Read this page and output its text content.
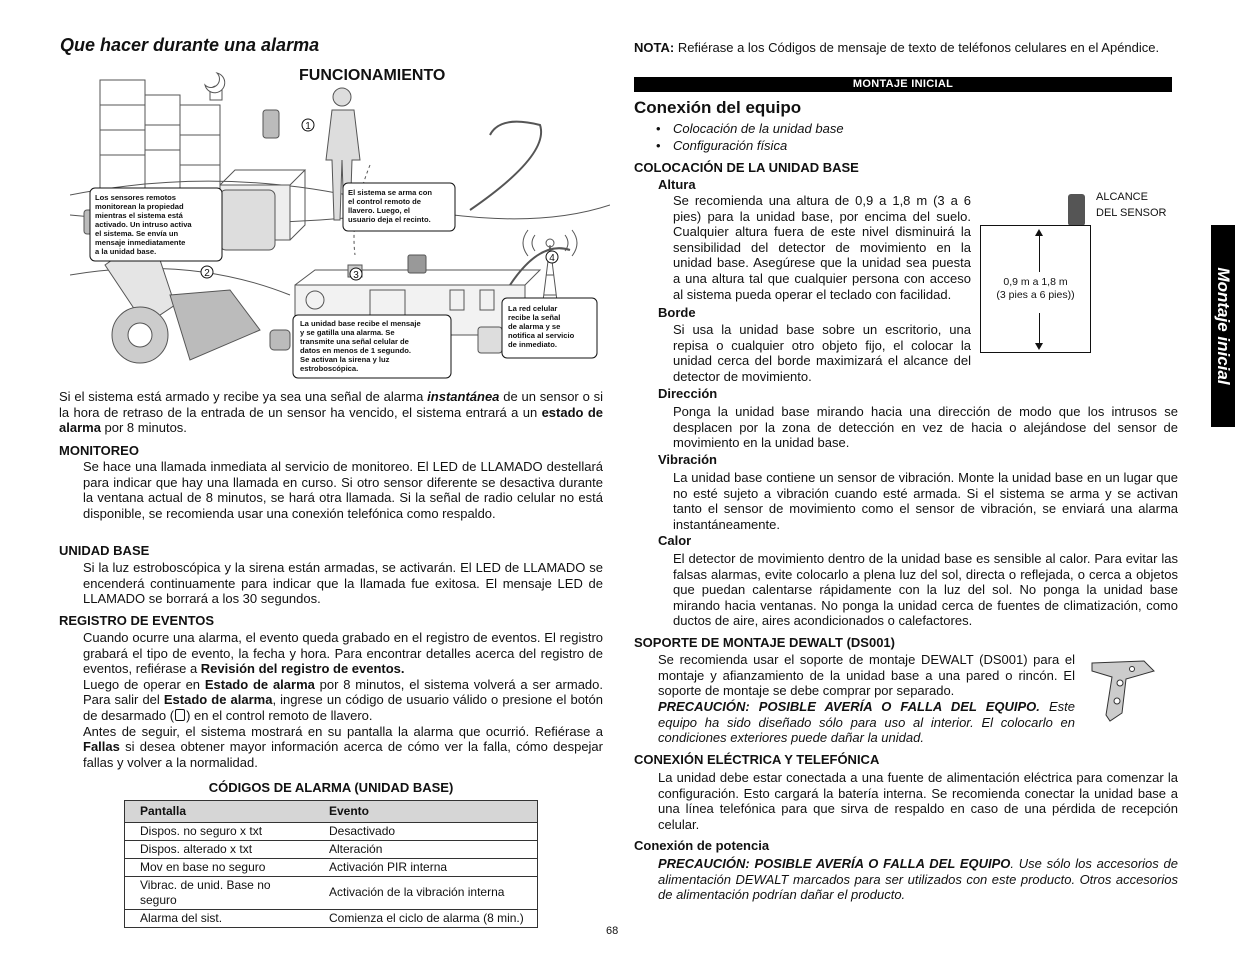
Que hacer durante una alarma
FUNCIONAMIENTO
1
2	3
4
Los sensores remotos
monitorean la propiedad
mientras el sistema está
activado. Un intruso activa
el sistema. Se envía un
mensaje inmediatamente
a la unidad base.
El sistema se arma con
el control remoto de
llavero. Luego, el
usuario deja el recinto.
La unidad base recibe el mensaje
y se gatilla una alarma. Se
transmite una señal celular de
datos en menos de 1 segundo.
Se activan la sirena y luz
estroboscópica.
La red celular
recibe la señal
de alarma y se
notifica al servicio
de inmediato.

Si el sistema está armado y recibe ya sea una señal de alarma instantánea de un sensor o si la hora de retraso de la entrada de un sensor ha vencido, el sistema entrará a un estado de alarma por 8 minutos.

MONITOREO

Se hace una llamada inmediata al servicio de monitoreo. El LED de LLAMADO destellará para indicar que hay una llamada en curso. Si otro sensor diferente se desactiva durante la ventana actual de 8 minutos, se hará otra llamada. Si la señal de radio celular no está disponible, se recomienda usar una conexión telefónica como respaldo.

UNIDAD BASE

Si la luz estroboscópica y la sirena están armadas, se activarán. El LED de LLAMADO se encenderá continuamente para indicar que la llamada fue exitosa. El mensaje LED de LLAMADO se borrará a los 30 segundos.

REGISTRO DE EVENTOS

Cuando ocurre una alarma, el evento queda grabado en el registro de eventos. El registro grabará el tipo de evento, la fecha y hora. Para encontrar detalles acerca del registro de eventos, refiérase a Revisión del registro de eventos.

Luego de operar en Estado de alarma por 8 minutos, el sistema volverá a ser armado. Para salir del Estado de alarma, ingrese un código de usuario válido o presione el botón de desarmado ( ) en el control remoto de llavero.

Antes de seguir, el sistema mostrará en su pantalla la alarma que ocurrió. Refiérase a Fallas si desea obtener mayor información acerca de cómo ver la falla, cómo despejar fallas y volver a la normalidad.

CÓDIGOS DE ALARMA (UNIDAD BASE)
Pantalla	Evento
Dispos. no seguro x txt	Desactivado
Dispos. alterado x txt	Alteración
Mov en base no seguro	Activación PIR interna
Vibrac. de unid. Base no seguro	Activación de la vibración interna
Alarma del sist.	Comienza el ciclo de alarma (8 min.)

NOTA: Refiérase a los Códigos de mensaje de texto de teléfonos celulares en el Apéndice.

MONTAJE INICIAL
Conexión del equipo
• Colocación de la unidad base
• Configuración física
COLOCACIÓN DE LA UNIDAD BASE
Altura

Se recomienda una altura de 0,9 a 1,8 m (3 a 6 pies) para la unidad base, por encima del suelo. Cualquier altura fuera de este nivel disminuirá la sensibilidad del detector de movimiento en la unidad base. Asegúrese que la unidad sea puesta a una altura tal que cualquier persona con acceso al sistema pueda operar el teclado con facilidad.

Borde

Si usa la unidad base sobre un escritorio, una repisa o cualquier otro objeto fijo, el colocar la unidad cerca del borde maximizará el alcance del detector de movimiento.

ALCANCE
DEL SENSOR
0,9 m a 1,8 m
(3 pies a 6 pies))
Dirección

Ponga la unidad base mirando hacia una dirección de modo que los intrusos se desplacen por la zona de detección en vez de hacia o alejándose del sensor de movimiento en la unidad base.

Vibración

La unidad base contiene un sensor de vibración. Monte la unidad base en un lugar que no esté sujeto a vibración cuando esté armada. Si el sistema se arma y se activan tanto el sensor de movimiento como el sensor de vibración, se enviará una alarma instantáneamente.

Calor

El detector de movimiento dentro de la unidad base es sensible al calor. Para evitar las falsas alarmas, evite colocarlo a plena luz del sol, directa o reflejada, o cerca a objetos que puedan calentarse rápidamente con la luz del sol. No ponga la unidad base mirando hacia ventanas. No ponga la unidad cerca de fuentes de climatización, como ductos de aire, aires acondicionados o calefactores.

SOPORTE DE MONTAJE DEWALT (DS001)

Se recomienda usar el soporte de montaje DEWALT (DS001) para el montaje y afianzamiento de la unidad base a una pared o rincón. El soporte de montaje se debe comprar por separado.

PRECAUCIÓN: POSIBLE AVERÍA O FALLA DEL EQUIPO. Este equipo ha sido diseñado sólo para uso al interior. El colocarlo en condiciones exteriores puede dañar la unidad.

CONEXIÓN ELÉCTRICA Y TELEFÓNICA

La unidad debe estar conectada a una fuente de alimentación eléctrica para comenzar la configuración. Esto cargará la batería interna. Se recomienda conectar la unidad base a una línea telefónica para que sirva de respaldo en caso de una pérdida de recepción celular.

Conexión de potencia

PRECAUCIÓN: POSIBLE AVERÍA O FALLA DEL EQUIPO. Use sólo los accesorios de alimentación DEWALT marcados para ser utilizados con este producto. Otros accesorios de alimentación podrían dañar el producto.

Montaje inicial
68
